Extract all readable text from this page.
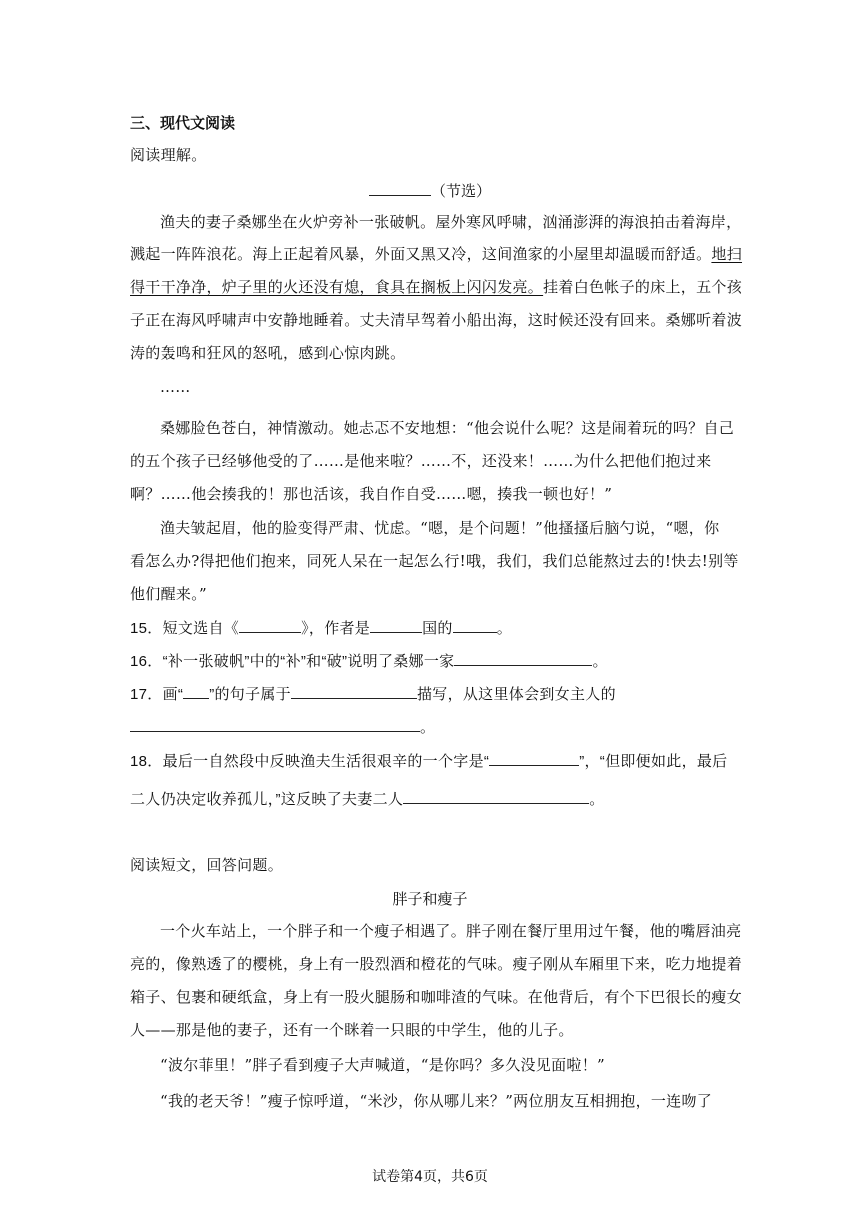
三、现代文阅读
阅读理解。
（节选）
渔夫的妻子桑娜坐在火炉旁补一张破帆。屋外寒风呼啸，汹涌澎湃的海浪拍击着海岸，
溅起一阵阵浪花。海上正起着风暴，外面又黑又冷，这间渔家的小屋里却温暖而舒适。地扫
得干干净净，炉子里的火还没有熄，食具在搁板上闪闪发亮。挂着白色帐子的床上，五个孩
子正在海风呼啸声中安静地睡着。丈夫清早驾着小船出海，这时候还没有回来。桑娜听着波
涛的轰鸣和狂风的怒吼，感到心惊肉跳。
……
桑娜脸色苍白，神情激动。她忐忑不安地想：“他会说什么呢？这是闹着玩的吗？自己
的五个孩子已经够他受的了……是他来啦？……不，还没来！……为什么把他们抱过来
啊？……他会揍我的！那也活该，我自作自受……嗯，揍我一顿也好！”
渔夫皱起眉，他的脸变得严肃、忧虑。“嗯，是个问题！”他搔搔后脑勺说，“嗯，你
看怎么办?得把他们抱来，同死人呆在一起怎么行!哦，我们，我们总能熬过去的!快去!别等
他们醒来。”
15．短文选自《	》，作者是	国的	。
16．“补一张破帆”中的“补”和“破”说明了桑娜一家	。
17．画“ ”的句子属于	描写，从这里体会到女主人的
。
18．最后一自然段中反映渔夫生活很艰辛的一个字是“	”，“但即便如此，最后
二人仍决定收养孤儿，”这反映了夫妻二人	。
阅读短文，回答问题。
胖子和瘦子
一个火车站上，一个胖子和一个瘦子相遇了。胖子刚在餐厅里用过午餐，他的嘴唇油亮
亮的，像熟透了的樱桃，身上有一股烈酒和橙花的气味。瘦子刚从车厢里下来，吃力地提着
箱子、包裹和硬纸盒，身上有一股火腿肠和咖啡渣的气味。在他背后，有个下巴很长的瘦女
人——那是他的妻子，还有一个眯着一只眼的中学生，他的儿子。
“波尔菲里！”胖子看到瘦子大声喊道，“是你吗？多久没见面啦！”
“我的老天爷！”瘦子惊呼道，“米沙，你从哪儿来？”两位朋友互相拥抱，一连吻了
试卷第4页，共6页
